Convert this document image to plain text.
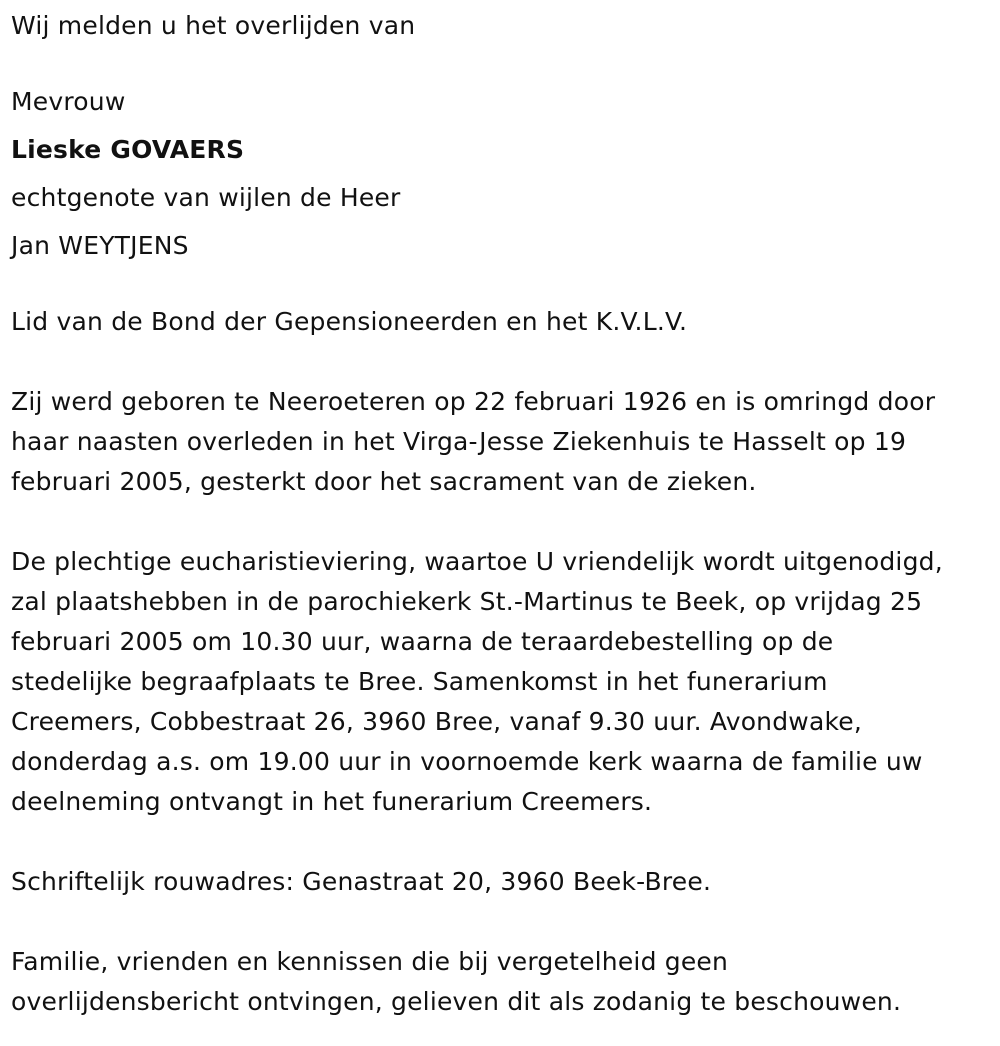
Wij melden u het overlijden van

Mevrouw

Lieske GOVAERS

echtgenote van wijlen de Heer

Jan WEYTJENS

Lid van de Bond der Gepensioneerden en het K.V.L.V.

Zij werd geboren te Neeroeteren op 22 februari 1926 en is omringd door
haar naasten overleden in het Virga-Jesse Ziekenhuis te Hasselt op 19
februari 2005, gesterkt door het sacrament van de zieken.

De plechtige eucharistieviering, waartoe U vriendelijk wordt uitgenodigd,
zal plaatshebben in de parochiekerk St.-Martinus te Beek, op vrijdag 25
februari 2005 om 10.30 uur, waarna de teraardebestelling op de
stedelijke begraafplaats te Bree. Samenkomst in het funerarium
Creemers, Cobbestraat 26, 3960 Bree, vanaf 9.30 uur. Avondwake,
donderdag a.s. om 19.00 uur in voornoemde kerk waarna de familie uw
deelneming ontvangt in het funerarium Creemers.

Schriftelijk rouwadres: Genastraat 20, 3960 Beek-Bree.

Familie, vrienden en kennissen die bij vergetelheid geen
overlijdensbericht ontvingen, gelieven dit als zodanig te beschouwen.
